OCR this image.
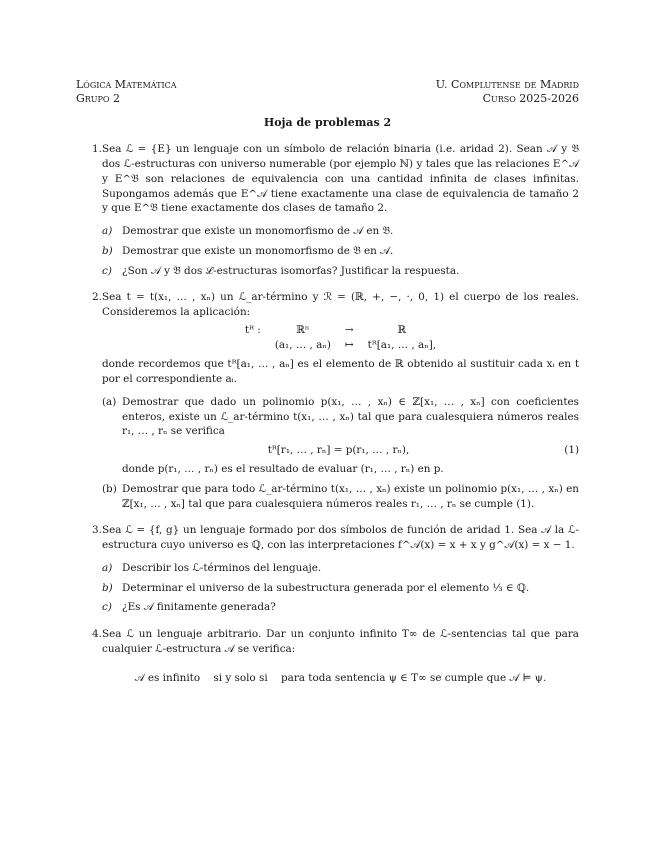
Lógica Matemática
Grupo 2
U. Complutense de Madrid
Curso 2025-2026
Hoja de problemas 2
1. Sea ℒ = {E} un lenguaje con un símbolo de relación binaria (i.e. aridad 2). Sean 𝒜 y 𝔅 dos ℒ-estructuras con universo numerable (por ejemplo ℕ) y tales que las relaciones E^𝒜 y E^𝔅 son relaciones de equivalencia con una cantidad infinita de clases infinitas. Supongamos además que E^𝒜 tiene exactamente una clase de equivalencia de tamaño 2 y que E^𝔅 tiene exactamente dos clases de tamaño 2.
a) Demostrar que existe un monomorfismo de 𝒜 en 𝔅.
b) Demostrar que existe un monomorfismo de 𝔅 en 𝒜.
c) ¿Son 𝒜 y 𝔅 dos ℒ-estructuras isomorfas? Justificar la respuesta.
2. Sea t = t(x₁, … , xₙ) un ℒ_ar-término y ℛ = (ℝ, +, −, ·, 0, 1) el cuerpo de los reales. Consideremos la aplicación:
tᴿ :	ℝⁿ	→	ℝ
(a₁, … , aₙ) ↦ tᴿ[a₁, … , aₙ],
donde recordemos que tᴿ[a₁, … , aₙ] es el elemento de ℝ obtenido al sustituir cada xᵢ en t por el correspondiente aᵢ.
(a) Demostrar que dado un polinomio p(x₁, … , xₙ) ∈ ℤ[x₁, … , xₙ] con coeficientes enteros, existe un ℒ_ar-término t(x₁, … , xₙ) tal que para cualesquiera números reales r₁, … , rₙ se verifica
tᴿ[r₁, … , rₙ] = p(r₁, … , rₙ),	(1)
donde p(r₁, … , rₙ) es el resultado de evaluar (r₁, … , rₙ) en p.
(b) Demostrar que para todo ℒ_ar-término t(x₁, … , xₙ) existe un polinomio p(x₁, … , xₙ) en ℤ[x₁, … , xₙ] tal que para cualesquiera números reales r₁, … , rₙ se cumple (1).
3. Sea ℒ = {f, g} un lenguaje formado por dos símbolos de función de aridad 1. Sea 𝒜 la ℒ-estructura cuyo universo es ℚ, con las interpretaciones f^𝒜(x) = x + x y g^𝒜(x) = x − 1.
a) Describir los ℒ-términos del lenguaje.
b) Determinar el universo de la subestructura generada por el elemento ⅓ ∈ ℚ.
c) ¿Es 𝒜 finitamente generada?
4. Sea ℒ un lenguaje arbitrario. Dar un conjunto infinito T∞ de ℒ-sentencias tal que para cualquier ℒ-estructura 𝒜 se verifica:
𝒜 es infinito si y solo si para toda sentencia ψ ∈ T∞ se cumple que 𝒜 ⊨ ψ.
